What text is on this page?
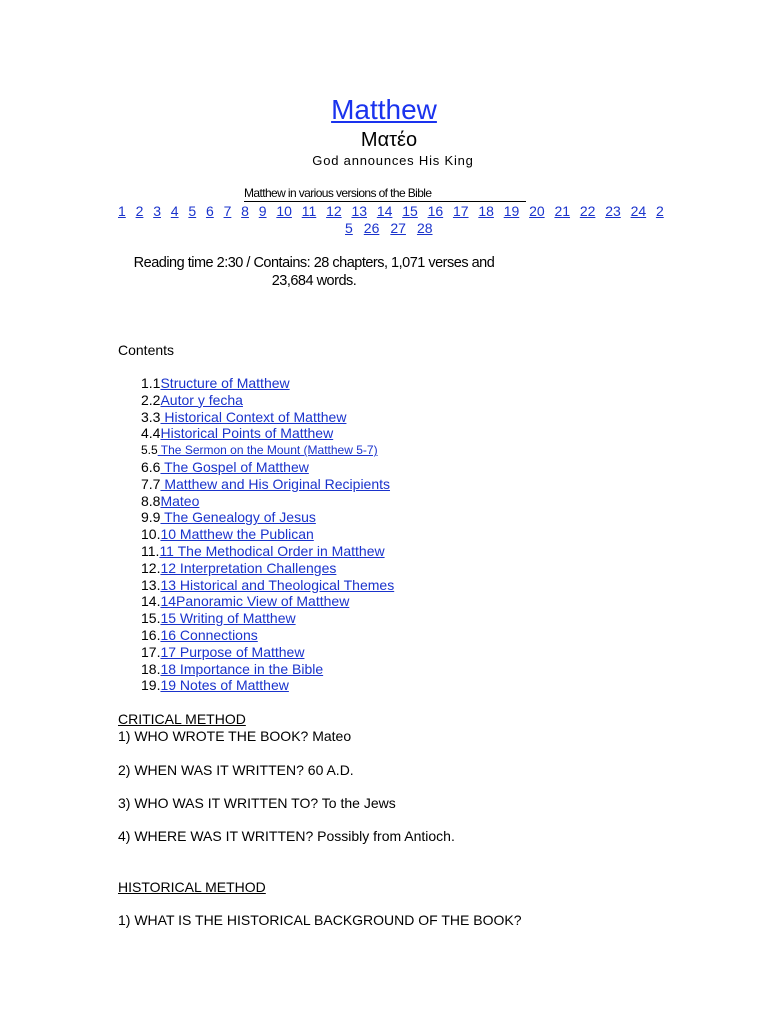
Matthew
Ματέο
God announces His King
Matthew in various versions of the Bible
1 2 3 4 5 6 7 8 9 10 11 12 13 14 15 16 17 18 19 20 21 22 23 24 2
5 26 27 28
Reading time 2:30 / Contains: 28 chapters, 1,071 verses and
23,684 words.
Contents
1.1Structure of Matthew
2.2Autor y fecha
3.3 Historical Context of Matthew
4.4Historical Points of Matthew
5.5 The Sermon on the Mount (Matthew 5-7)
6.6 The Gospel of Matthew
7.7 Matthew and His Original Recipients
8.8Mateo
9.9 The Genealogy of Jesus
10.10 Matthew the Publican
11.11 The Methodical Order in Matthew
12.12 Interpretation Challenges
13.13 Historical and Theological Themes
14.14Panoramic View of Matthew
15.15 Writing of Matthew
16.16 Connections
17.17 Purpose of Matthew
18.18 Importance in the Bible
19.19 Notes of Matthew
CRITICAL METHOD
1) WHO WROTE THE BOOK? Mateo
2) WHEN WAS IT WRITTEN? 60 A.D.
3) WHO WAS IT WRITTEN TO? To the Jews
4) WHERE WAS IT WRITTEN? Possibly from Antioch.
HISTORICAL METHOD
1) WHAT IS THE HISTORICAL BACKGROUND OF THE BOOK?
